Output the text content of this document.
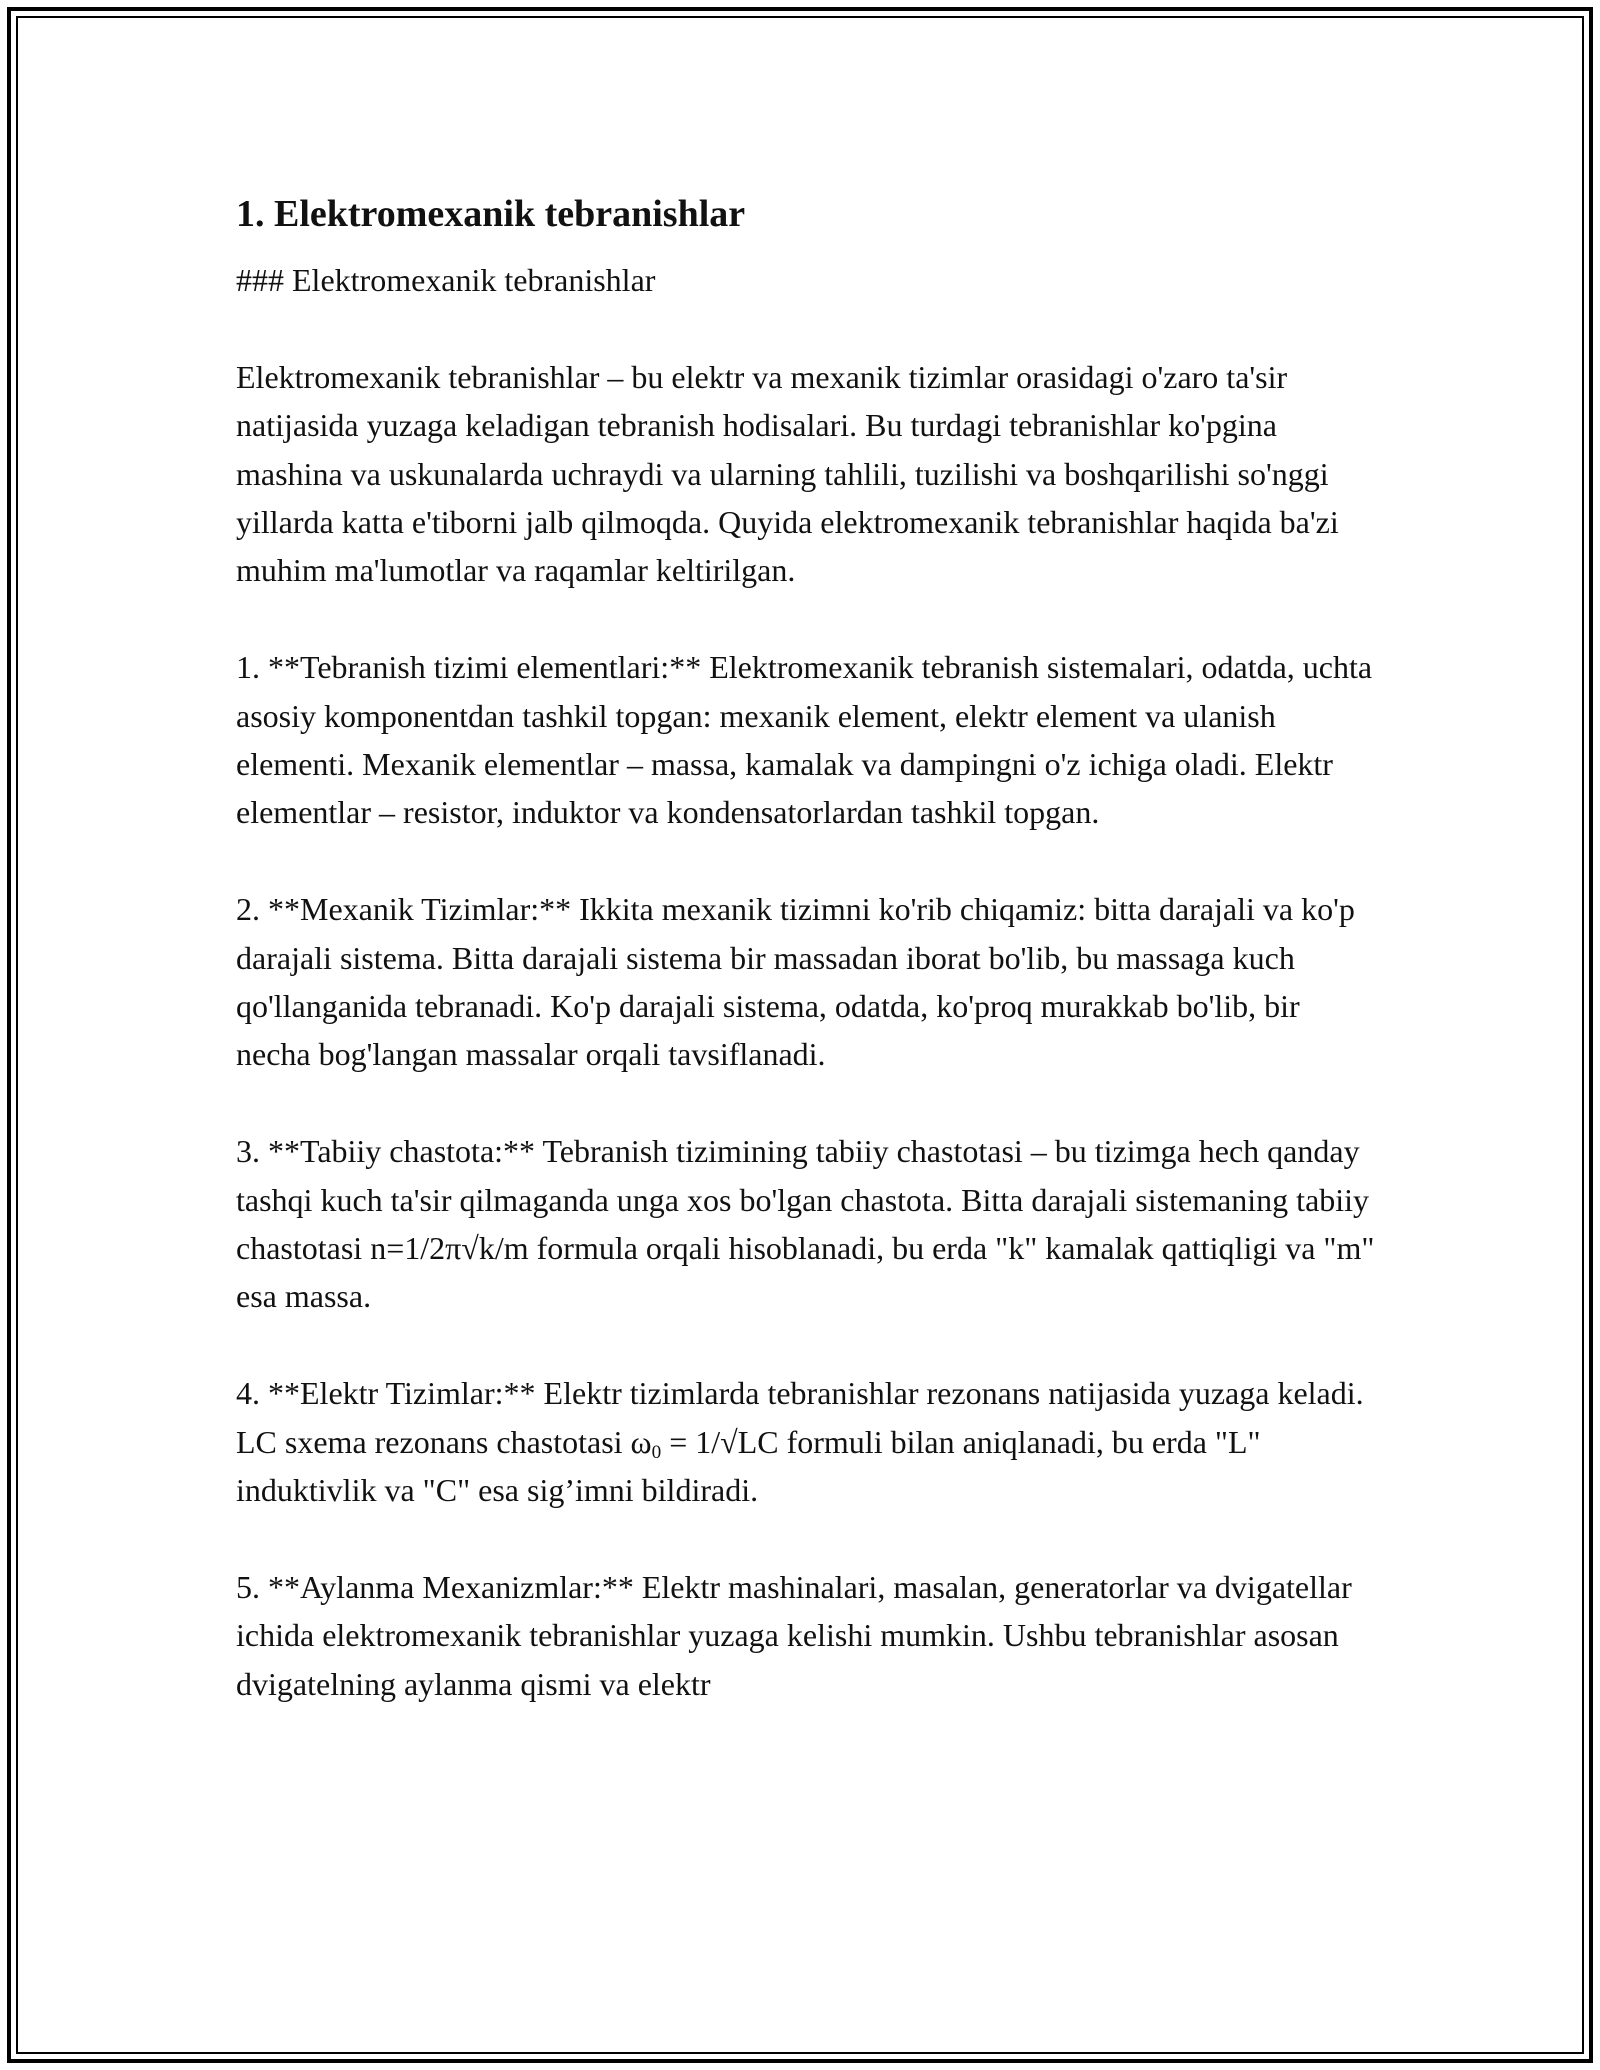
1. Elektromexanik tebranishlar

### Elektromexanik tebranishlar

Elektromexanik tebranishlar – bu elektr va mexanik tizimlar orasidagi o'zaro ta'sir natijasida yuzaga keladigan tebranish hodisalari. Bu turdagi tebranishlar ko'pgina mashina va uskunalarda uchraydi va ularning tahlili, tuzilishi va boshqarilishi so'nggi yillarda katta e'tiborni jalb qilmoqda. Quyida elektromexanik tebranishlar haqida ba'zi muhim ma'lumotlar va raqamlar keltirilgan.

1. **Tebranish tizimi elementlari:** Elektromexanik tebranish sistemalari, odatda, uchta asosiy komponentdan tashkil topgan: mexanik element, elektr element va ulanish elementi. Mexanik elementlar – massa, kamalak va dampingni o'z ichiga oladi. Elektr elementlar – resistor, induktor va kondensatorlardan tashkil topgan.

2. **Mexanik Tizimlar:** Ikkita mexanik tizimni ko'rib chiqamiz: bitta darajali va ko'p darajali sistema. Bitta darajali sistema bir massadan iborat bo'lib, bu massaga kuch qo'llanganida tebranadi. Ko'p darajali sistema, odatda, ko'proq murakkab bo'lib, bir necha bog'langan massalar orqali tavsiflanadi.

3. **Tabiiy chastota:** Tebranish tizimining tabiiy chastotasi – bu tizimga hech qanday tashqi kuch ta'sir qilmaganda unga xos bo'lgan chastota. Bitta darajali sistemaning tabiiy chastotasi n=1/2π√k/m formula orqali hisoblanadi, bu erda "k" kamalak qattiqligi va "m" esa massa.

4. **Elektr Tizimlar:** Elektr tizimlarda tebranishlar rezonans natijasida yuzaga keladi. LC sxema rezonans chastotasi $\omega_0 = 1/√LC$ formuli bilan aniqlanadi, bu erda "L" induktivlik va "C" esa sig’imni bildiradi.

5. **Aylanma Mexanizmlar:** Elektr mashinalari, masalan, generatorlar va dvigatellar ichida elektromexanik tebranishlar yuzaga kelishi mumkin. Ushbu tebranishlar asosan dvigatelning aylanma qismi va elektr
